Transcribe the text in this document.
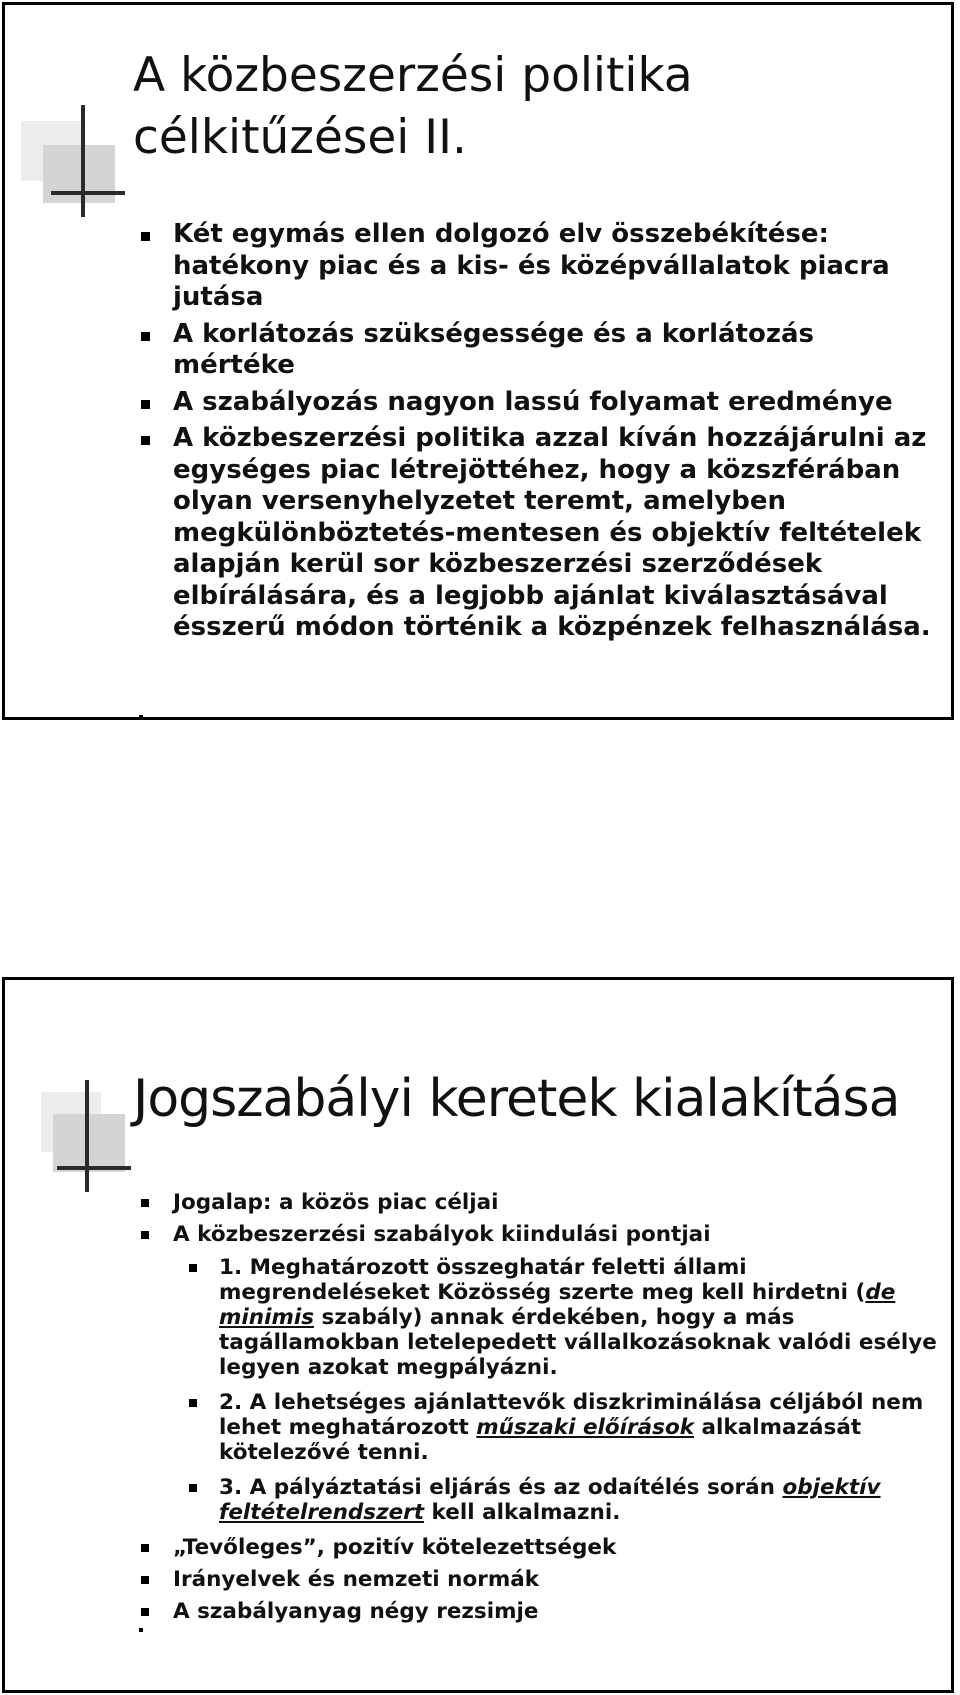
A közbeszerzési politika
célkitűzései II.
Két egymás ellen dolgozó elv összebékítése: hatékony piac és a kis- és középvállalatok piacra jutása
A korlátozás szükségessége és a korlátozás mértéke
A szabályozás nagyon lassú folyamat eredménye
A közbeszerzési politika azzal kíván hozzájárulni az egységes piac létrejöttéhez, hogy a közszférában olyan versenyhelyzetet teremt, amelyben megkülönböztetés-mentesen és objektív feltételek alapján kerül sor közbeszerzési szerződések elbírálására, és a legjobb ajánlat kiválasztásával ésszerű módon történik a közpénzek felhasználása.
Jogszabályi keretek kialakítása
Jogalap: a közös piac céljai
A közbeszerzési szabályok kiindulási pontjai
1. Meghatározott összeghatár feletti állami megrendeléseket Közösség szerte meg kell hirdetni (de minimis szabály) annak érdekében, hogy a más tagállamokban letelepedett vállalkozásoknak valódi esélye legyen azokat megpályázni.
2. A lehetséges ajánlattevők diszkriminálása céljából nem lehet meghatározott műszaki előírások alkalmazását kötelezővé tenni.
3. A pályáztatási eljárás és az odaítélés során objektív feltételrendszert kell alkalmazni.
„Tevőleges”, pozitív kötelezettségek
Irányelvek és nemzeti normák
A szabályanyag négy rezsimje
